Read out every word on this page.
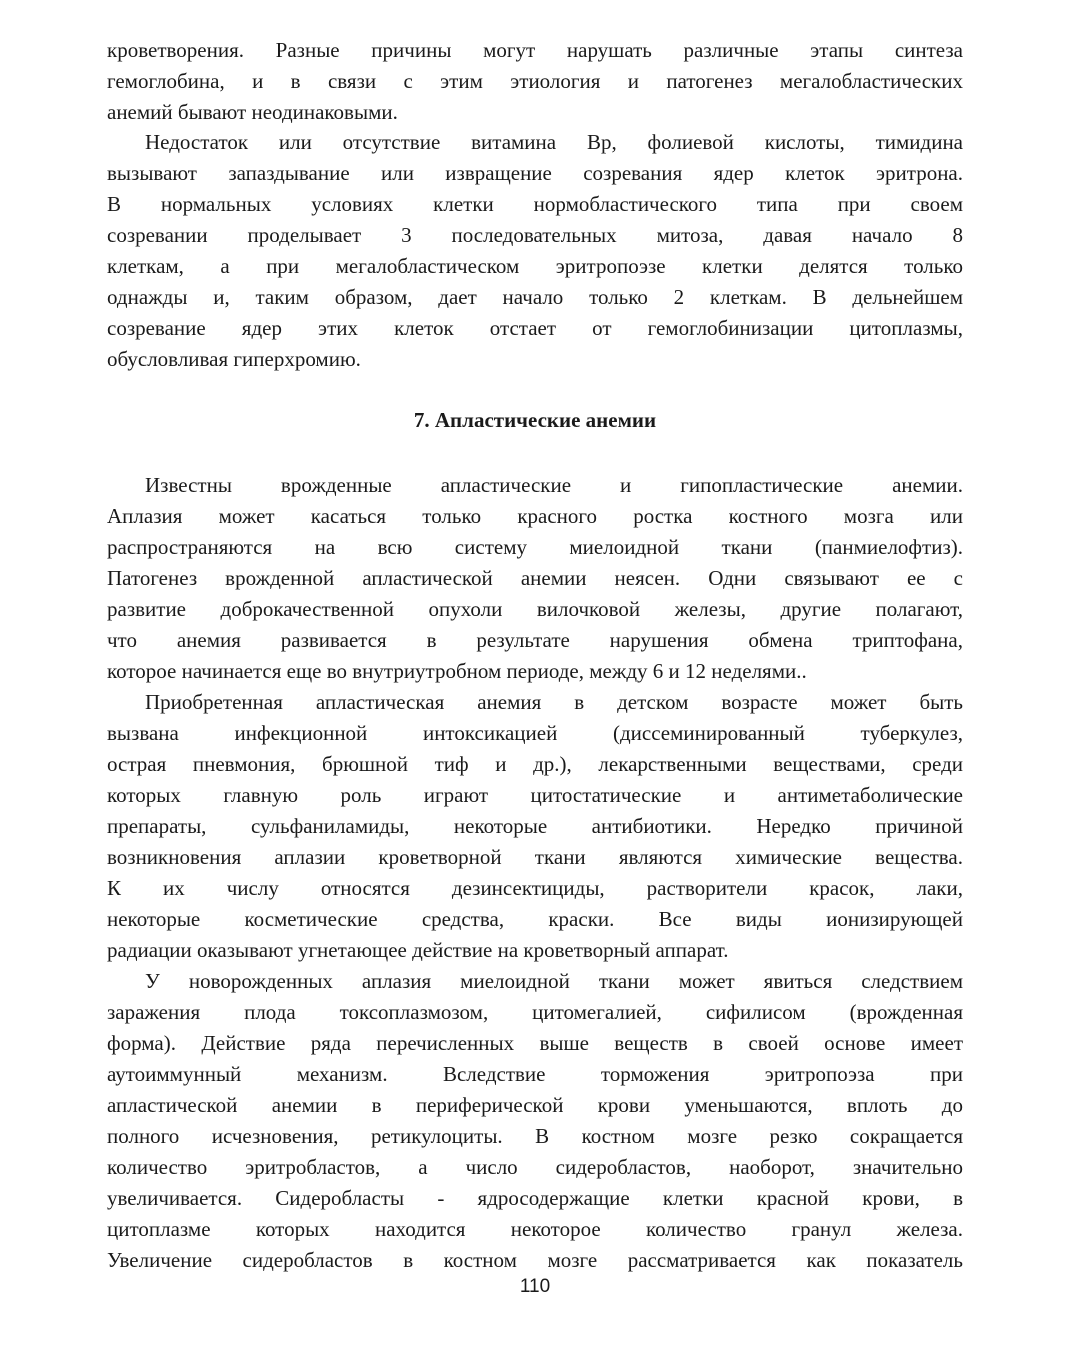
кроветворения. Разные причины могут нарушать различные этапы синтеза
гемоглобина, и в связи с этим этиология и патогенез мегалобластических
анемий бывают неодинаковыми.
Недостаток или отсутствие витамина Вр, фолиевой кислоты, тимидина
вызывают запаздывание или извращение созревания ядер клеток эритрона.
В нормальных условиях клетки нормобластического типа при своем
созревании проделывает 3 последовательных митоза, давая начало 8
клеткам, а при мегалобластическом эритропоэзе клетки делятся только
однажды и, таким образом, дает начало только 2 клеткам. В дельнейшем
созревание ядер этих клеток отстает от гемоглобинизации цитоплазмы,
обусловливая гиперхромию.
7. Апластические анемии
Известны врожденные апластические и гипопластические анемии.
Аплазия может касаться только красного ростка костного мозга или
распространяются на всю систему миелоидной ткани (панмиелофтиз).
Патогенез врожденной апластической анемии неясен. Одни связывают ее с
развитие доброкачественной опухоли вилочковой железы, другие полагают,
что анемия развивается в результате нарушения обмена триптофана,
которое начинается еще во внутриутробном периоде, между 6 и 12 неделями..
Приобретенная апластическая анемия в детском возрасте может быть
вызвана инфекционной интоксикацией (диссеминированный туберкулез,
острая пневмония, брюшной тиф и др.), лекарственными веществами, среди
которых главную роль играют цитостатические и антиметаболические
препараты, сульфаниламиды, некоторые антибиотики. Нередко причиной
возникновения аплазии кроветворной ткани являются химические вещества.
К их числу относятся дезинсектициды, растворители красок, лаки,
некоторые косметические средства, краски. Все виды ионизирующей
радиации оказывают угнетающее действие на кроветворный аппарат.
У новорожденных аплазия миелоидной ткани может явиться следствием
заражения плода токсоплазмозом, цитомегалией, сифилисом (врожденная
форма). Действие ряда перечисленных выше веществ в своей основе имеет
аутоиммунный механизм. Вследствие торможения эритропоэза при
апластической анемии в периферической крови уменьшаются, вплоть до
полного исчезновения, ретикулоциты. В костном мозге резко сокращается
количество эритробластов, а число сидеробластов, наоборот, значительно
увеличивается. Сидеробласты - ядросодержащие клетки красной крови, в
цитоплазме которых находится некоторое количество гранул железа.
Увеличение сидеробластов в костном мозге рассматривается как показатель
110
